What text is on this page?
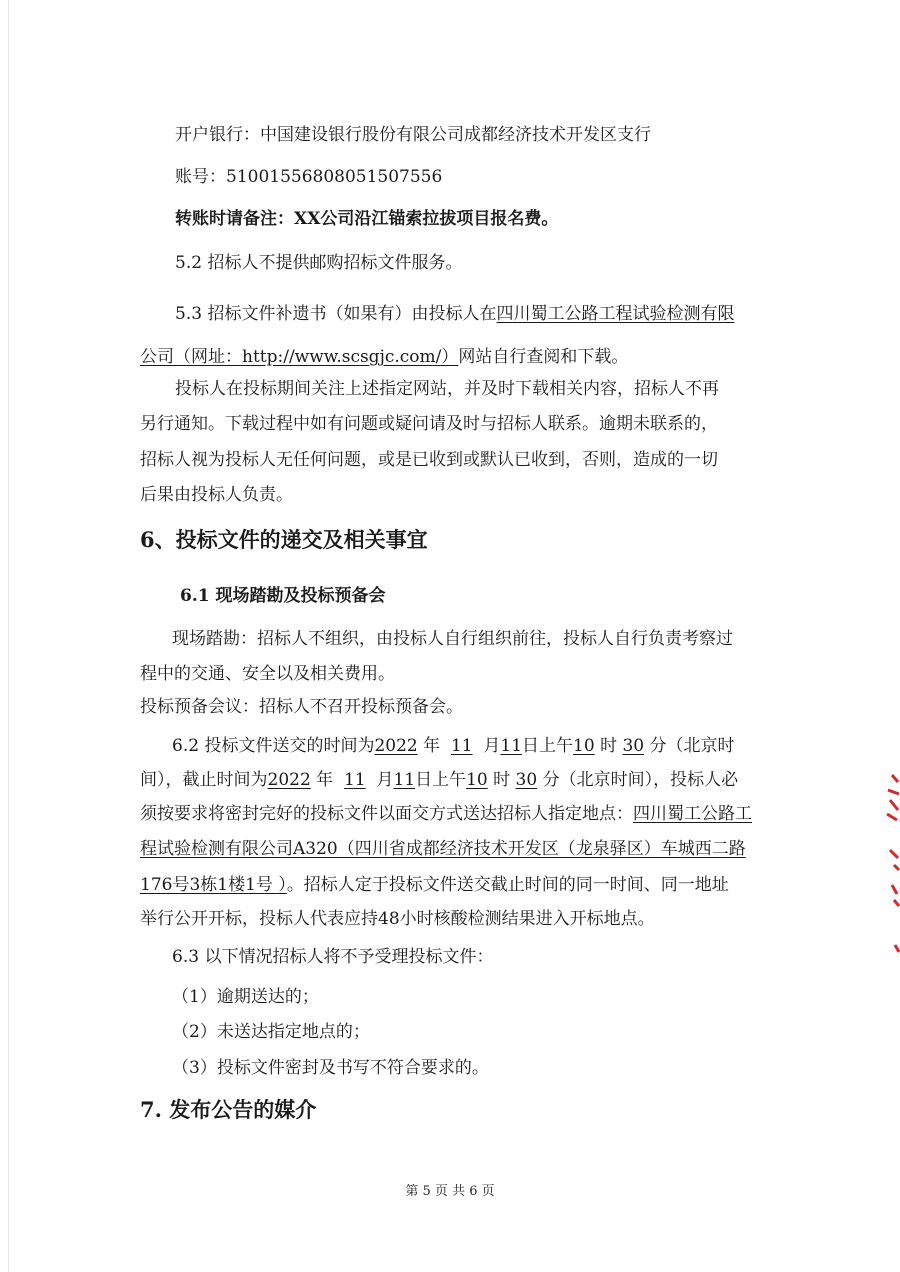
开户银行：中国建设银行股份有限公司成都经济技术开发区支行
账号：51001556808051507556
转账时请备注：XX公司沿江锚索拉拔项目报名费。
5.2 招标人不提供邮购招标文件服务。
5.3 招标文件补遗书（如果有）由投标人在四川蜀工公路工程试验检测有限
公司（网址：http://www.scsgjc.com/）网站自行查阅和下载。
投标人在投标期间关注上述指定网站，并及时下载相关内容，招标人不再
另行通知。下载过程中如有问题或疑问请及时与招标人联系。逾期未联系的，
招标人视为投标人无任何问题，或是已收到或默认已收到，否则，造成的一切
后果由投标人负责。
6、投标文件的递交及相关事宜
6.1 现场踏勘及投标预备会
现场踏勘：招标人不组织，由投标人自行组织前往，投标人自行负责考察过
程中的交通、安全以及相关费用。
投标预备会议：招标人不召开投标预备会。
6.2 投标文件送交的时间为2022 年 11 月11日上午10 时 30 分（北京时
间），截止时间为2022 年 11 月11日上午10 时 30 分（北京时间），投标人必
须按要求将密封完好的投标文件以面交方式送达招标人指定地点：四川蜀工公路工
程试验检测有限公司A320（四川省成都经济技术开发区（龙泉驿区）车城西二路
176号3栋1楼1号 ）。招标人定于投标文件送交截止时间的同一时间、同一地址
举行公开开标，投标人代表应持48小时核酸检测结果进入开标地点。
6.3 以下情况招标人将不予受理投标文件：
（1）逾期送达的；
（2）未送达指定地点的；
（3）投标文件密封及书写不符合要求的。
7. 发布公告的媒介
第 5 页 共 6 页
